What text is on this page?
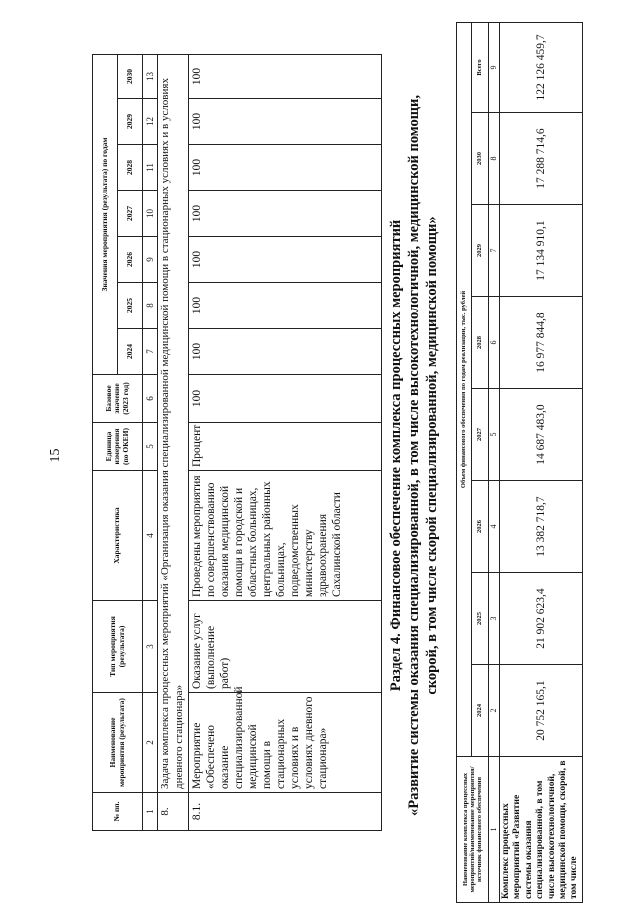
15
№ пп.	Наименование мероприятия (результата)	Тип мероприятия (результата)	Характеристика	Единица измерения (по ОКЕИ)	Базовое значение (2023 год)	Значения мероприятия (результата) по годам						
						2024	2025	2026	2027	2028	2029	2030
1	2	3	4	5	6	7	8	9	10	11	12	13
8.	Задача комплекса процессных мероприятий «Организация оказания специализированной медицинской помощи в стационарных условиях и в условиях дневного стационара»											
8.1.	Мероприятие «Обеспечено оказание специализированной медицинской помощи в стационарных условиях и в условиях дневного стационара»	Оказание услуг (выполнение работ)	Проведены мероприятия по совершенствованию оказания медицинской помощи в городской и областных больницах, центральных районных больницах, подведомственных министерству здравоохранения Сахалинской области	Процент	100	100	100	100	100	100	100	100
Раздел 4. Финансовое обеспечение комплекса процессных мероприятий «Развитие системы оказания специализированной, в том числе высокотехнологичной, медицинской помощи, скорой, в том числе скорой специализированной, медицинской помощи»
Наименование комплекса процессных мероприятий/наименование мероприятия/источник финансового обеспечения	Объем финансового обеспечения по годам реализации, тыс. рублей							
	2024	2025	2026	2027	2028	2029	2030	Всего
1	2	3	4	5	6	7	8	9
Комплекс процессных мероприятий «Развитие системы оказания специализированной, в том числе высокотехнологичной, медицинской помощи, скорой, в том числе	20 752 165,1	21 902 623,4	13 382 718,7	14 687 483,0	16 977 844,8	17 134 910,1	17 288 714,6	122 126 459,7
